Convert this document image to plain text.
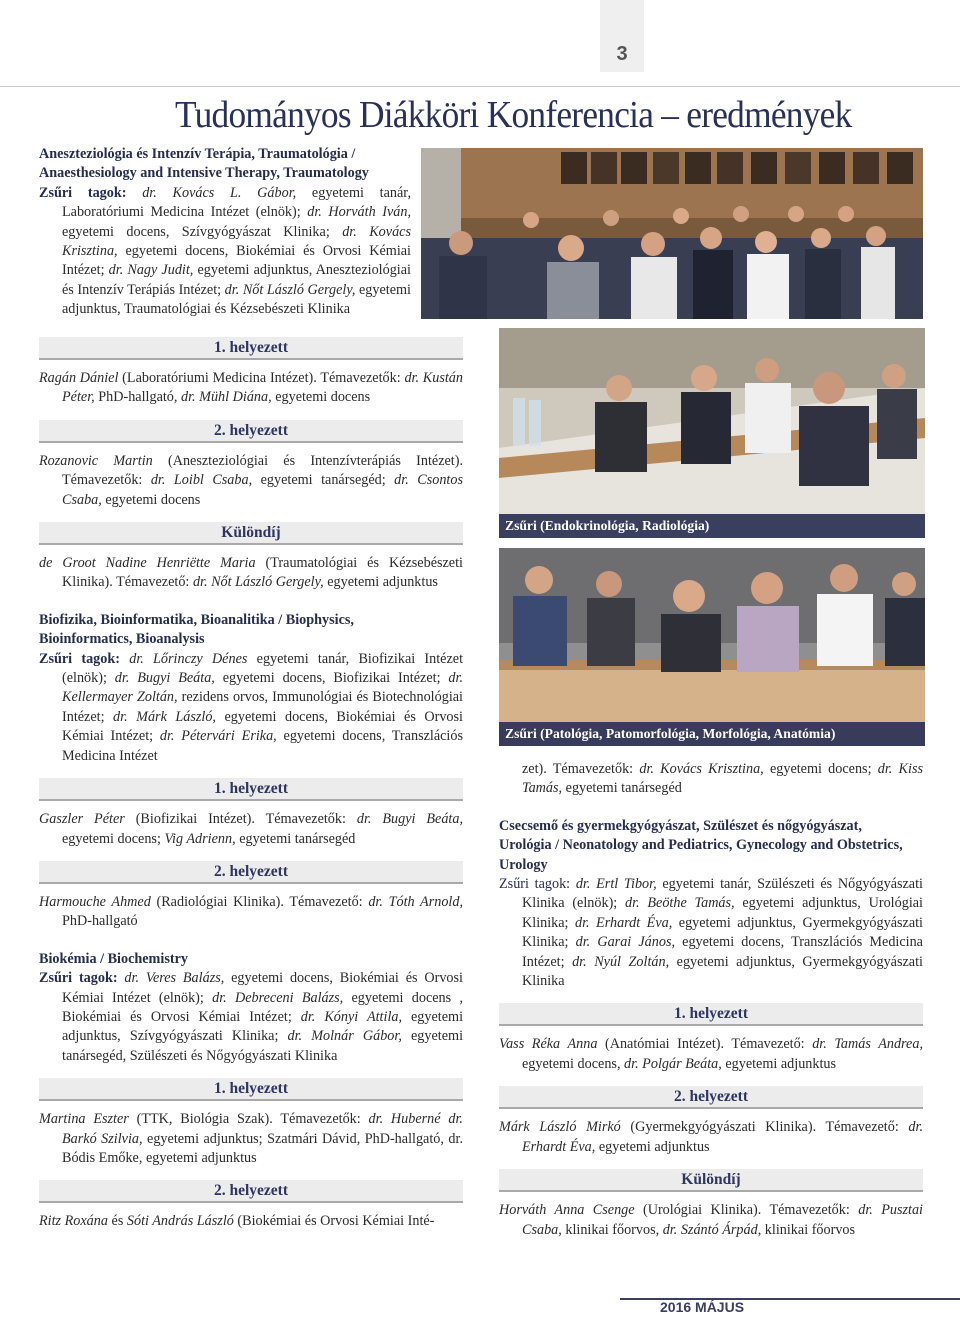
3
Tudományos Diákköri Konferencia – eredmények
Aneszteziológia és Intenzív Terápia, Traumatológia /
Anaesthesiology and Intensive Therapy, Traumatology

Zsűri tagok: dr. Kovács L. Gábor, egyetemi tanár, Laboratóriumi Medicina Intézet (elnök); dr. Horváth Iván, egyetemi docens, Szívgyógyászat Klinika; dr. Kovács Krisztina, egyetemi docens, Biokémiai és Orvosi Kémiai Intézet; dr. Nagy Judit, egyetemi adjunktus, Aneszteziológiai és Intenzív Terápiás Intézet; dr. Nőt László Gergely, egyetemi adjunktus, Traumatológiai és Kézsebészeti Klinika

1. helyezett

Ragán Dániel (Laboratóriumi Medicina Intézet). Témavezetők: dr. Kustán Péter, PhD-hallgató, dr. Mühl Diána, egyetemi docens

2. helyezett

Rozanovic Martin (Aneszteziológiai és Intenzívterápiás Intézet). Témavezetők: dr. Loibl Csaba, egyetemi tanársegéd; dr. Csontos Csaba, egyetemi docens

Különdíj

de Groot Nadine Henriëtte Maria (Traumatológiai és Kézsebészeti Klinika). Témavezető: dr. Nőt László Gergely, egyetemi adjunktus

Biofizika, Bioinformatika, Bioanalitika / Biophysics,
Bioinformatics, Bioanalysis

Zsűri tagok: dr. Lőrinczy Dénes egyetemi tanár, Biofizikai Intézet (elnök); dr. Bugyi Beáta, egyetemi docens, Biofizikai Intézet; dr. Kellermayer Zoltán, rezidens orvos, Immunológiai és Biotechnológiai Intézet; dr. Márk László, egyetemi docens, Biokémiai és Orvosi Kémiai Intézet; dr. Pétervári Erika, egyetemi docens, Transzlációs Medicina Intézet

1. helyezett

Gaszler Péter (Biofizikai Intézet). Témavezetők: dr. Bugyi Beáta, egyetemi docens; Vig Adrienn, egyetemi tanársegéd

2. helyezett

Harmouche Ahmed (Radiológiai Klinika). Témavezető: dr. Tóth Arnold, PhD-hallgató

Biokémia / Biochemistry

Zsűri tagok: dr. Veres Balázs, egyetemi docens, Biokémiai és Orvosi Kémiai Intézet (elnök); dr. Debreceni Balázs, egyetemi docens , Biokémiai és Orvosi Kémiai Intézet; dr. Kónyi Attila, egyetemi adjunktus, Szívgyógyászati Klinika; dr. Molnár Gábor, egyetemi tanársegéd, Szülészeti és Nőgyógyászati Klinika

1. helyezett

Martina Eszter (TTK, Biológia Szak). Témavezetők: dr. Huberné dr. Barkó Szilvia, egyetemi adjunktus; Szatmári Dávid, PhD-hallgató, dr. Bódis Emőke, egyetemi adjunktus

2. helyezett

Ritz Roxána és Sóti András László (Biokémiai és Orvosi Kémiai Inté-

Zsűri (Endokrinológia, Radiológia)
Zsűri (Patológia, Patomorfológia, Morfológia, Anatómia)

zet). Témavezetők: dr. Kovács Krisztina, egyetemi docens; dr. Kiss Tamás, egyetemi tanársegéd

Csecsemő és gyermekgyógyászat, Szülészet és nőgyógyászat,
Urológia / Neonatology and Pediatrics, Gynecology and Obstetrics, Urology

Zsűri tagok: dr. Ertl Tibor, egyetemi tanár, Szülészeti és Nőgyógyászati Klinika (elnök); dr. Beöthe Tamás, egyetemi adjunktus, Urológiai Klinika; dr. Erhardt Éva, egyetemi adjunktus, Gyermekgyógyászati Klinika; dr. Garai János, egyetemi docens, Transzlációs Medicina Intézet; dr. Nyúl Zoltán, egyetemi adjunktus, Gyermekgyógyászati Klinika

1. helyezett

Vass Réka Anna (Anatómiai Intézet). Témavezető: dr. Tamás Andrea, egyetemi docens, dr. Polgár Beáta, egyetemi adjunktus

2. helyezett

Márk László Mirkó (Gyermekgyógyászati Klinika). Témavezető: dr. Erhardt Éva, egyetemi adjunktus

Különdíj

Horváth Anna Csenge (Urológiai Klinika). Témavezetők: dr. Pusztai Csaba, klinikai főorvos, dr. Szántó Árpád, klinikai főorvos

2016 MÁJUS
